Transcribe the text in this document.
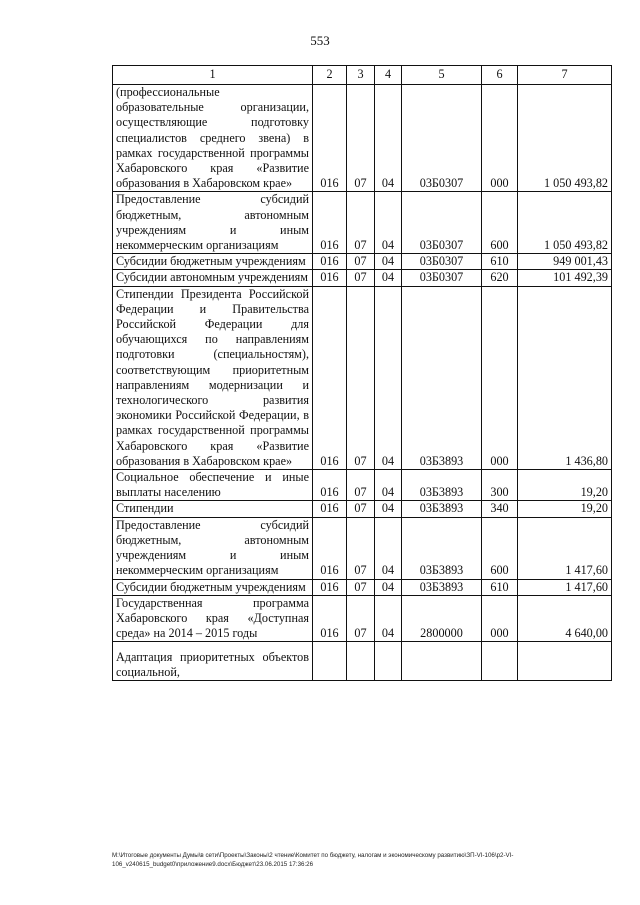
553
1	2	3	4	5	6	7
(профессиональные образовательные организации, осуществляющие подготовку специалистов среднего звена) в рамках государственной программы Хабаровского края «Развитие образования в Хабаровском крае»	016	07	04	03Б0307	000	1 050 493,82
Предоставление субсидий бюджетным, автономным учреждениям и иным некоммерческим организациям	016	07	04	03Б0307	600	1 050 493,82
Субсидии бюджетным учреждениям	016	07	04	03Б0307	610	949 001,43
Субсидии автономным учреждениям	016	07	04	03Б0307	620	101 492,39
Стипендии Президента Российской Федерации и Правительства Российской Федерации для обучающихся по направлениям подготовки (специальностям), соответствующим приоритетным направлениям модернизации и технологического развития экономики Российской Федерации, в рамках государственной программы Хабаровского края «Развитие образования в Хабаровском крае»	016	07	04	03Б3893	000	1 436,80
Социальное обеспечение и иные выплаты населению	016	07	04	03Б3893	300	19,20
Стипендии	016	07	04	03Б3893	340	19,20
Предоставление субсидий бюджетным, автономным учреждениям и иным некоммерческим организациям	016	07	04	03Б3893	600	1 417,60
Субсидии бюджетным учреждениям	016	07	04	03Б3893	610	1 417,60
Государственная программа Хабаровского края «Доступная среда» на 2014 – 2015 годы	016	07	04	2800000	000	4 640,00
Адаптация приоритетных объектов социальной,						
M:\Итоговые документы Думы\в сети\Проекты\Законы\2 чтение\Комитет по бюджету, налогам и экономическому развитию\ЗП-VI-106\р2-VI-
106_v240615_budget0\приложение9.docx\Бюджет\23.06.2015 17:36:26
